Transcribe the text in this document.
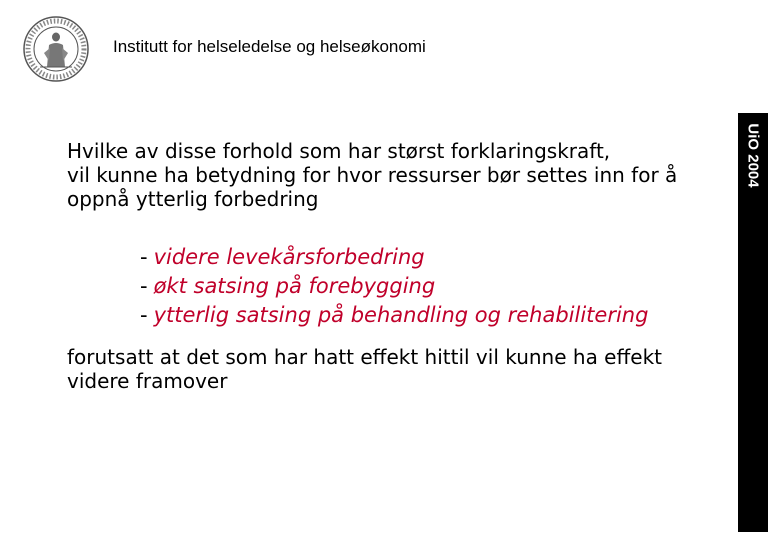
Institutt for helseledelse og helseøkonomi
UiO 2004
Hvilke av disse forhold som har størst forklaringskraft,
vil kunne ha betydning for hvor ressurser bør settes inn for å
oppnå ytterlig forbedring
- videre levekårsforbedring
- økt satsing på forebygging
- ytterlig satsing på behandling og rehabilitering
forutsatt at det som har hatt effekt hittil vil kunne ha effekt
videre framover
